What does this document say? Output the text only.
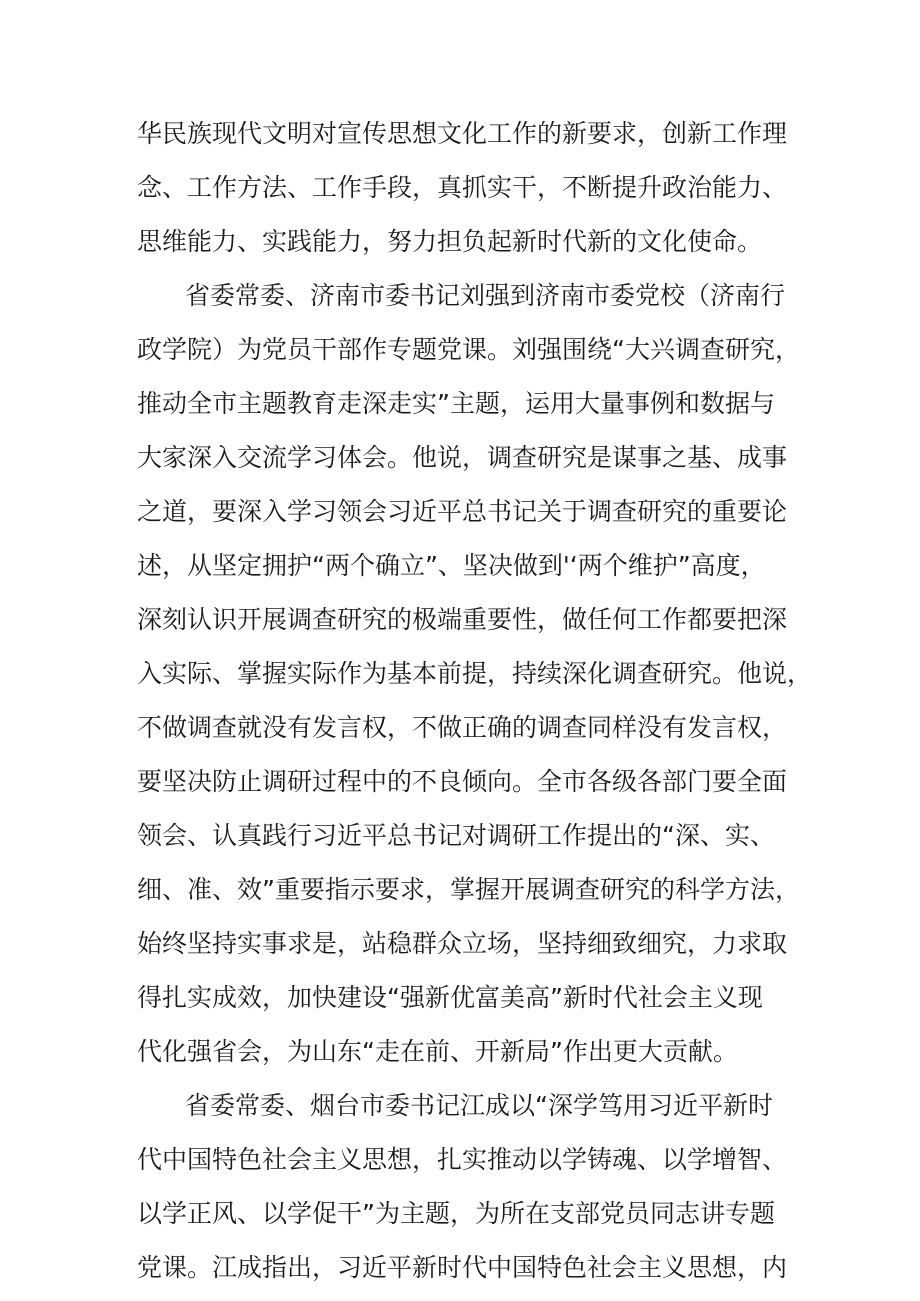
华民族现代文明对宣传思想文化工作的新要求，创新工作理
念、工作方法、工作手段，真抓实干，不断提升政治能力、
思维能力、实践能力，努力担负起新时代新的文化使命。
省委常委、济南市委书记刘强到济南市委党校（济南行
政学院）为党员干部作专题党课。刘强围绕“大兴调查研究，
推动全市主题教育走深走实”主题，运用大量事例和数据与
大家深入交流学习体会。他说，调查研究是谋事之基、成事
之道，要深入学习领会习近平总书记关于调查研究的重要论
述，从坚定拥护“两个确立”、坚决做到'‘两个维护”高度，
深刻认识开展调查研究的极端重要性，做任何工作都要把深
入实际、掌握实际作为基本前提，持续深化调查研究。他说，
不做调查就没有发言权，不做正确的调查同样没有发言权，
要坚决防止调研过程中的不良倾向。全市各级各部门要全面
领会、认真践行习近平总书记对调研工作提出的“深、实、
细、准、效”重要指示要求，掌握开展调查研究的科学方法，
始终坚持实事求是，站稳群众立场，坚持细致细究，力求取
得扎实成效，加快建设“强新优富美高”新时代社会主义现
代化强省会，为山东“走在前、开新局”作出更大贡献。
省委常委、烟台市委书记江成以“深学笃用习近平新时
代中国特色社会主义思想，扎实推动以学铸魂、以学增智、
以学正风、以学促干”为主题，为所在支部党员同志讲专题
党课。江成指出，习近平新时代中国特色社会主义思想，内
